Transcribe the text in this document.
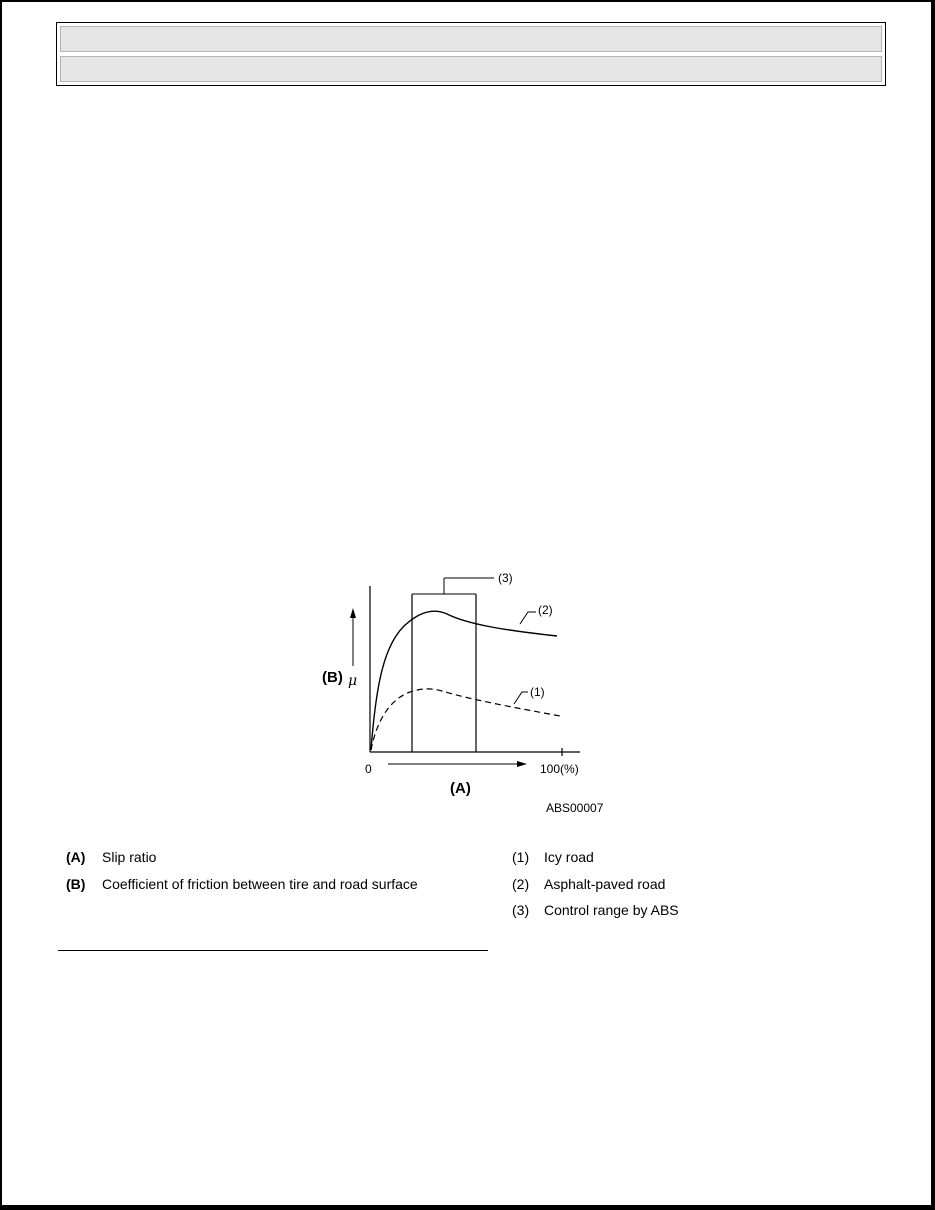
(3)
(2)
(1)
(B) μ
0	100(%)
(A)
ABS00007
(A) Slip ratio
(B) Coefficient of friction between tire and road surface
(1) Icy road
(2) Asphalt-paved road
(3) Control range by ABS
